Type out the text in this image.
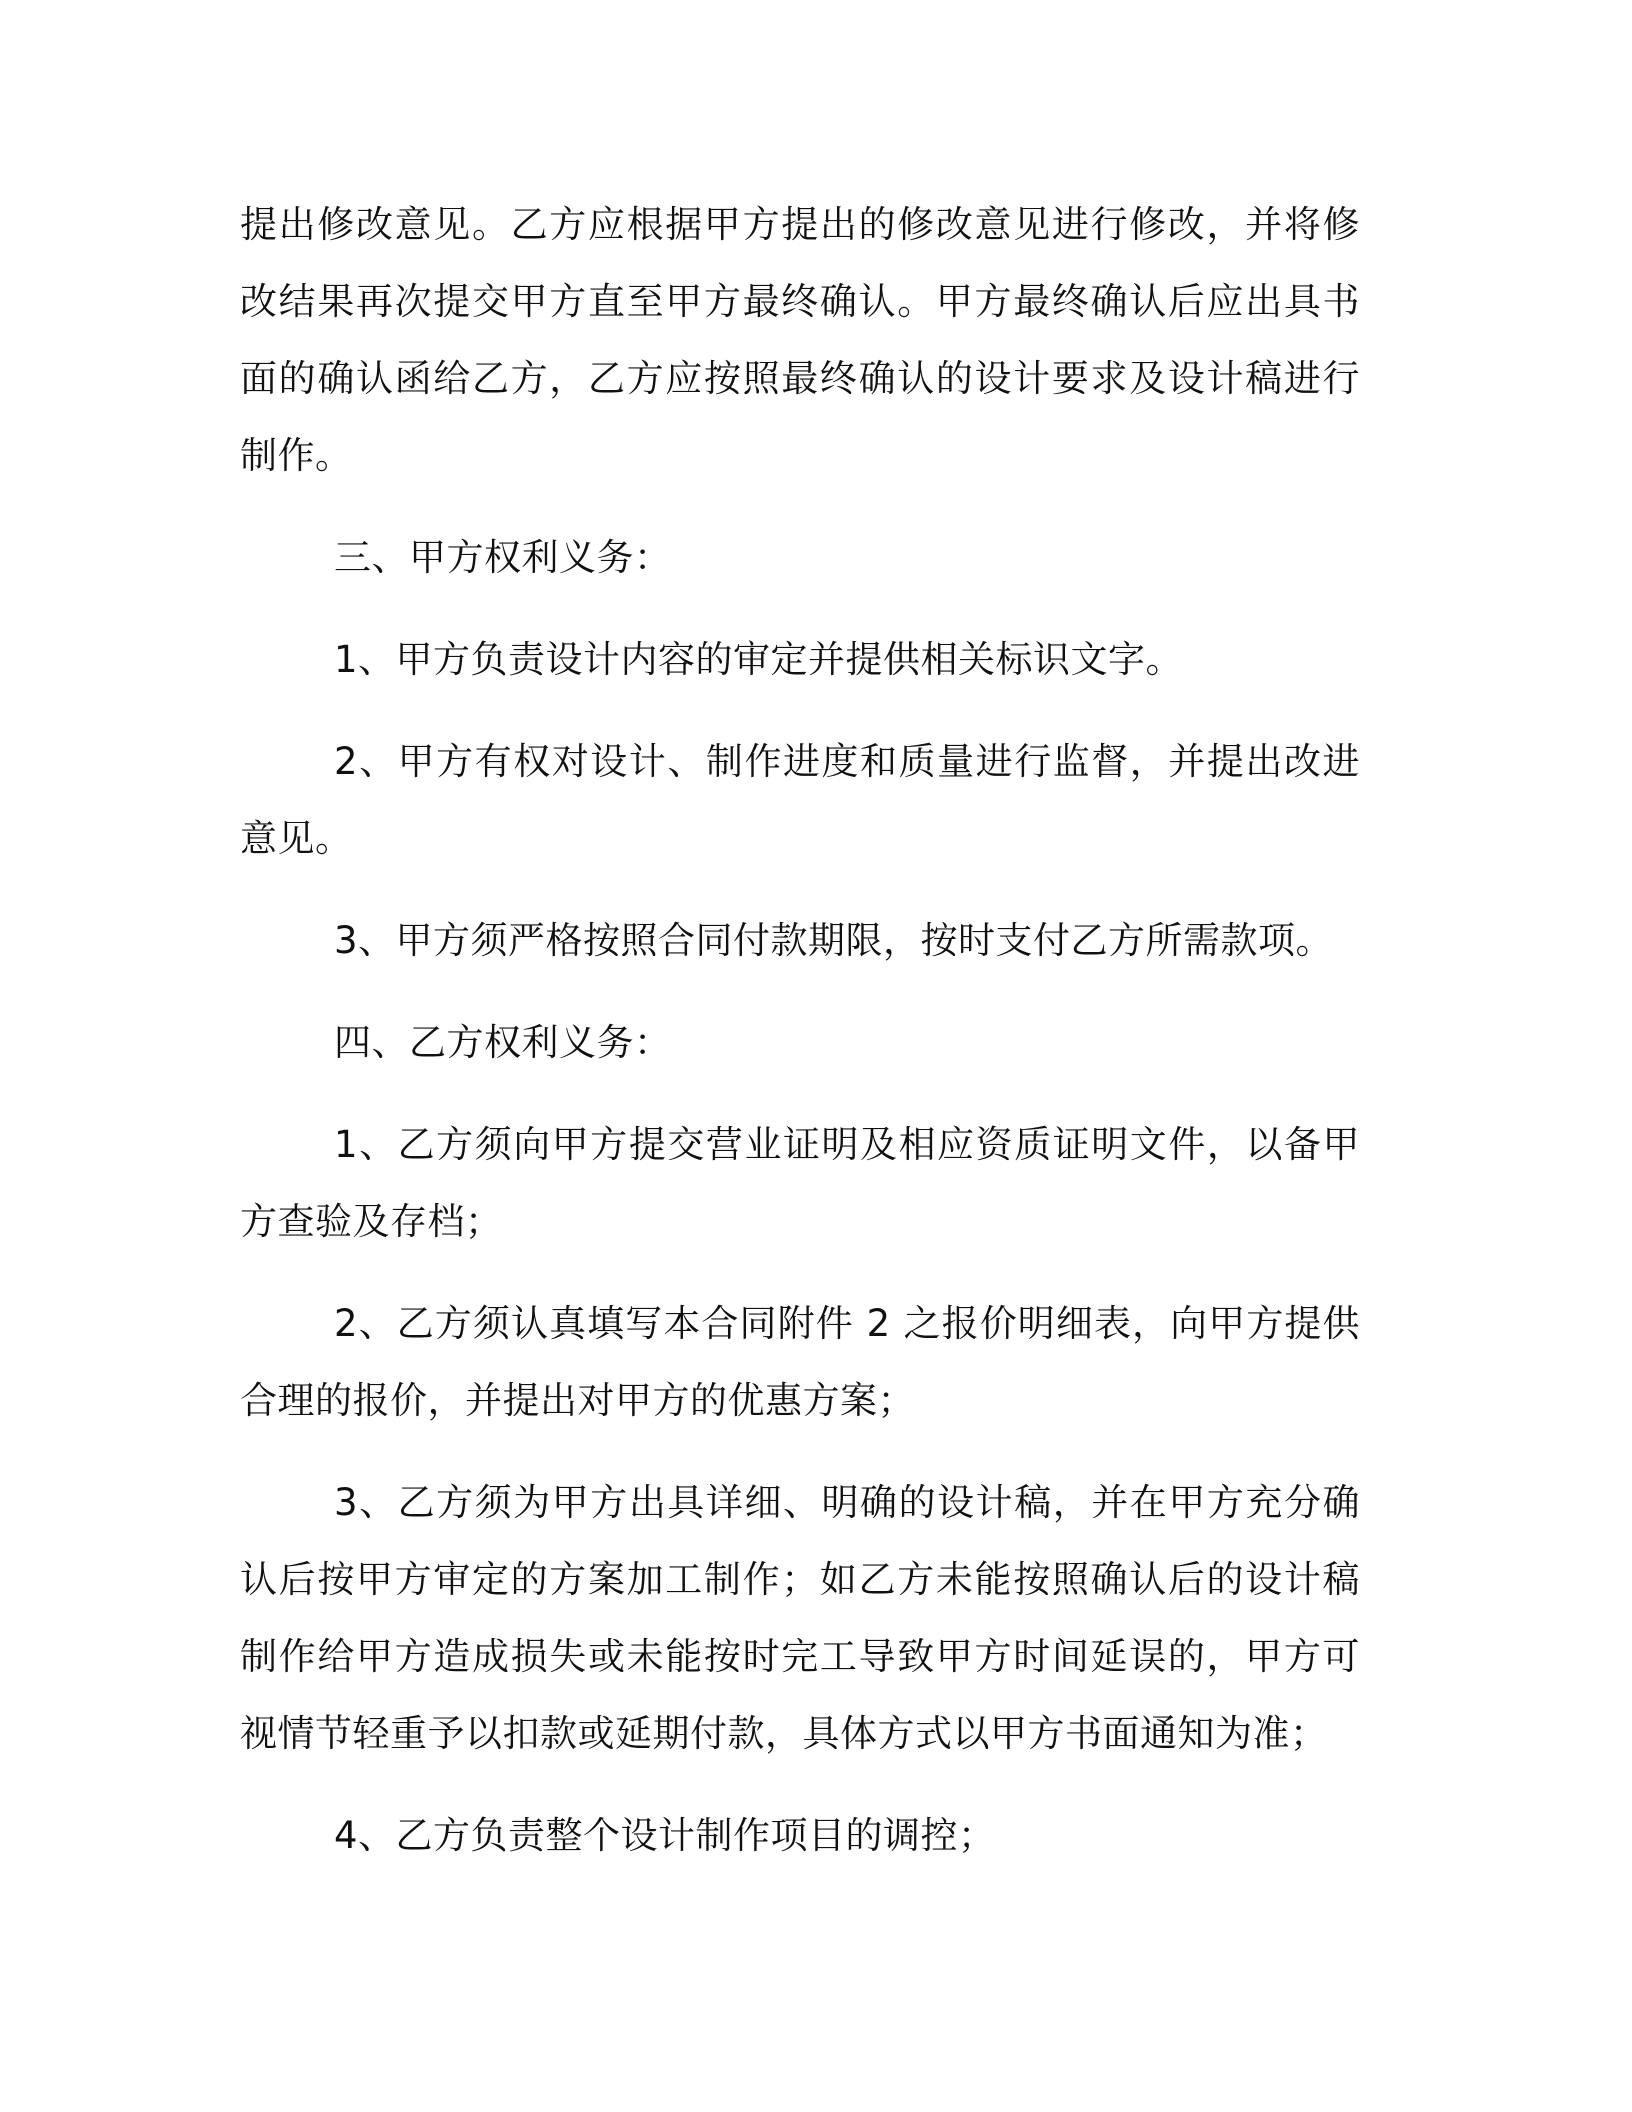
提出修改意见。乙方应根据甲方提出的修改意见进行修改，并将修改结果再次提交甲方直至甲方最终确认。甲方最终确认后应出具书面的确认函给乙方，乙方应按照最终确认的设计要求及设计稿进行制作。

三、甲方权利义务：

1、甲方负责设计内容的审定并提供相关标识文字。

2、甲方有权对设计、制作进度和质量进行监督，并提出改进意见。

3、甲方须严格按照合同付款期限，按时支付乙方所需款项。

四、乙方权利义务：

1、乙方须向甲方提交营业证明及相应资质证明文件，以备甲方查验及存档；

2、乙方须认真填写本合同附件 2 之报价明细表，向甲方提供合理的报价，并提出对甲方的优惠方案；

3、乙方须为甲方出具详细、明确的设计稿，并在甲方充分确认后按甲方审定的方案加工制作；如乙方未能按照确认后的设计稿制作给甲方造成损失或未能按时完工导致甲方时间延误的，甲方可视情节轻重予以扣款或延期付款，具体方式以甲方书面通知为准；

4、乙方负责整个设计制作项目的调控；
